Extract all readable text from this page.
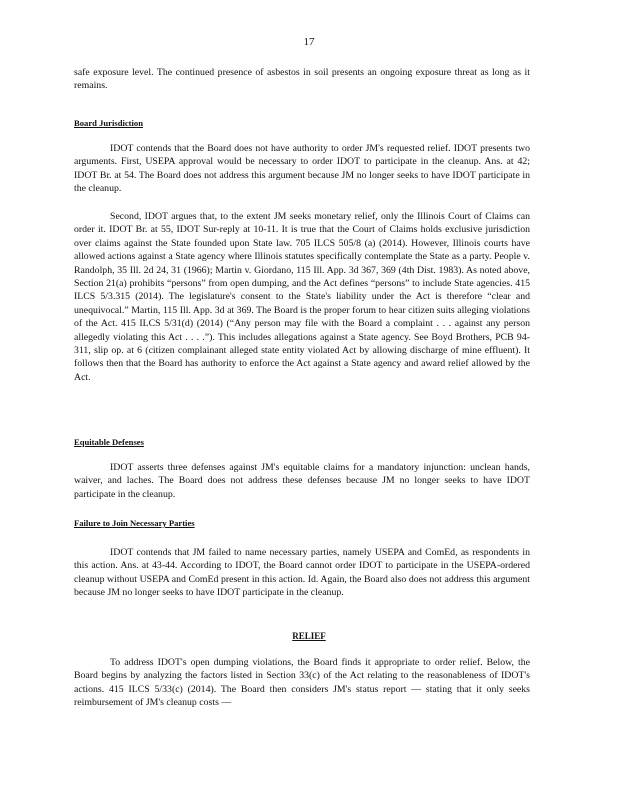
17

safe exposure level. The continued presence of asbestos in soil presents an ongoing exposure threat as long as it remains.

Board Jurisdiction

IDOT contends that the Board does not have authority to order JM's requested relief. IDOT presents two arguments. First, USEPA approval would be necessary to order IDOT to participate in the cleanup. Ans. at 42; IDOT Br. at 54. The Board does not address this argument because JM no longer seeks to have IDOT participate in the cleanup.

Second, IDOT argues that, to the extent JM seeks monetary relief, only the Illinois Court of Claims can order it. IDOT Br. at 55, IDOT Sur-reply at 10-11. It is true that the Court of Claims holds exclusive jurisdiction over claims against the State founded upon State law. 705 ILCS 505/8 (a) (2014). However, Illinois courts have allowed actions against a State agency where Illinois statutes specifically contemplate the State as a party. People v. Randolph, 35 Ill. 2d 24, 31 (1966); Martin v. Giordano, 115 Ill. App. 3d 367, 369 (4th Dist. 1983). As noted above, Section 21(a) prohibits “persons” from open dumping, and the Act defines “persons” to include State agencies. 415 ILCS 5/3.315 (2014). The legislature's consent to the State's liability under the Act is therefore “clear and unequivocal.” Martin, 115 Ill. App. 3d at 369. The Board is the proper forum to hear citizen suits alleging violations of the Act. 415 ILCS 5/31(d) (2014) (“Any person may file with the Board a complaint . . . against any person allegedly violating this Act . . . .”). This includes allegations against a State agency. See Boyd Brothers, PCB 94-311, slip op. at 6 (citizen complainant alleged state entity violated Act by allowing discharge of mine effluent). It follows then that the Board has authority to enforce the Act against a State agency and award relief allowed by the Act.

Equitable Defenses

IDOT asserts three defenses against JM's equitable claims for a mandatory injunction: unclean hands, waiver, and laches. The Board does not address these defenses because JM no longer seeks to have IDOT participate in the cleanup.

Failure to Join Necessary Parties

IDOT contends that JM failed to name necessary parties, namely USEPA and ComEd, as respondents in this action. Ans. at 43-44. According to IDOT, the Board cannot order IDOT to participate in the USEPA-ordered cleanup without USEPA and ComEd present in this action. Id. Again, the Board also does not address this argument because JM no longer seeks to have IDOT participate in the cleanup.

RELIEF

To address IDOT's open dumping violations, the Board finds it appropriate to order relief. Below, the Board begins by analyzing the factors listed in Section 33(c) of the Act relating to the reasonableness of IDOT's actions. 415 ILCS 5/33(c) (2014). The Board then considers JM's status report — stating that it only seeks reimbursement of JM's cleanup costs —
